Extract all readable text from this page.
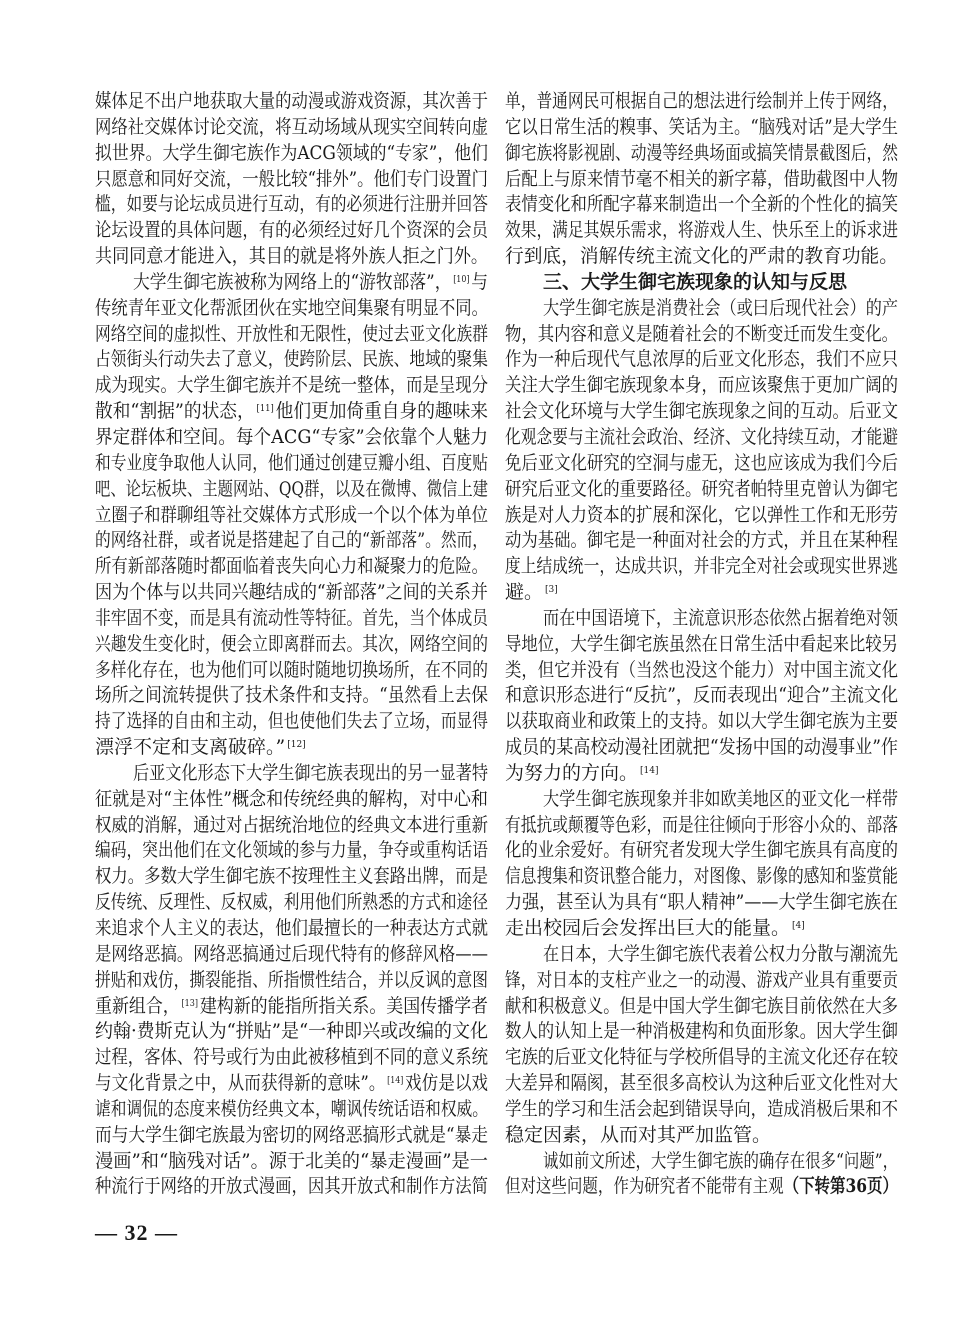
媒体足不出户地获取大量的动漫或游戏资源，其次善于
网络社交媒体讨论交流，将互动场域从现实空间转向虚
拟世界。大学生御宅族作为ACG领域的“专家”，他们
只愿意和同好交流，一般比较“排外”。他们专门设置门
槛，如要与论坛成员进行互动，有的必须进行注册并回答
论坛设置的具体问题，有的必须经过好几个资深的会员
共同同意才能进入，其目的就是将外族人拒之门外。
大学生御宅族被称为网络上的“游牧部落”， [10]与
传统青年亚文化帮派团伙在实地空间集聚有明显不同。
网络空间的虚拟性、开放性和无限性，使过去亚文化族群
占领街头行动失去了意义，使跨阶层、民族、地域的聚集
成为现实。大学生御宅族并不是统一整体，而是呈现分
散和“割据”的状态， [11]他们更加倚重自身的趣味来
界定群体和空间。每个ACG“专家”会依靠个人魅力
和专业度争取他人认同，他们通过创建豆瓣小组、百度贴
吧、论坛板块、主题网站、QQ群，以及在微博、微信上建
立圈子和群聊组等社交媒体方式形成一个以个体为单位
的网络社群，或者说是搭建起了自己的“新部落”。然而，
所有新部落随时都面临着丧失向心力和凝聚力的危险。
因为个体与以共同兴趣结成的“新部落”之间的关系并
非牢固不变，而是具有流动性等特征。首先，当个体成员
兴趣发生变化时，便会立即离群而去。其次，网络空间的
多样化存在，也为他们可以随时随地切换场所，在不同的
场所之间流转提供了技术条件和支持。“虽然看上去保
持了选择的自由和主动，但也使他们失去了立场，而显得
漂浮不定和支离破碎。” [12]
后亚文化形态下大学生御宅族表现出的另一显著特
征就是对“主体性”概念和传统经典的解构，对中心和
权威的消解，通过对占据统治地位的经典文本进行重新
编码，突出他们在文化领域的参与力量，争夺或重构话语
权力。多数大学生御宅族不按理性主义套路出牌，而是
反传统、反理性、反权威，利用他们所熟悉的方式和途径
来追求个人主义的表达，他们最擅长的一种表达方式就
是网络恶搞。网络恶搞通过后现代特有的修辞风格——
拼贴和戏仿，撕裂能指、所指惯性结合，并以反讽的意图
重新组合， [13]建构新的能指所指关系。美国传播学者
约翰·费斯克认为“拼贴”是“一种即兴或改编的文化
过程，客体、符号或行为由此被移植到不同的意义系统
与文化背景之中，从而获得新的意味”。 [14]戏仿是以戏
谑和调侃的态度来模仿经典文本，嘲讽传统话语和权威。
而与大学生御宅族最为密切的网络恶搞形式就是“暴走
漫画”和“脑残对话”。源于北美的“暴走漫画”是一
种流行于网络的开放式漫画，因其开放式和制作方法简
单，普通网民可根据自己的想法进行绘制并上传于网络，
它以日常生活的糗事、笑话为主。“脑残对话”是大学生
御宅族将影视剧、动漫等经典场面或搞笑情景截图后，然
后配上与原来情节毫不相关的新字幕，借助截图中人物
表情变化和所配字幕来制造出一个全新的个性化的搞笑
效果，满足其娱乐需求，将游戏人生、快乐至上的诉求进
行到底，消解传统主流文化的严肃的教育功能。
三、大学生御宅族现象的认知与反思
大学生御宅族是消费社会（或曰后现代社会）的产
物，其内容和意义是随着社会的不断变迁而发生变化。
作为一种后现代气息浓厚的后亚文化形态，我们不应只
关注大学生御宅族现象本身，而应该聚焦于更加广阔的
社会文化环境与大学生御宅族现象之间的互动。后亚文
化观念要与主流社会政治、经济、文化持续互动，才能避
免后亚文化研究的空洞与虚无，这也应该成为我们今后
研究后亚文化的重要路径。研究者帕特里克曾认为御宅
族是对人力资本的扩展和深化，它以弹性工作和无形劳
动为基础。御宅是一种面对社会的方式，并且在某种程
度上结成统一，达成共识，并非完全对社会或现实世界逃
避。 [3]
而在中国语境下，主流意识形态依然占据着绝对领
导地位，大学生御宅族虽然在日常生活中看起来比较另
类，但它并没有（当然也没这个能力）对中国主流文化
和意识形态进行“反抗”，反而表现出“迎合”主流文化
以获取商业和政策上的支持。如以大学生御宅族为主要
成员的某高校动漫社团就把“发扬中国的动漫事业”作
为努力的方向。 [14]
大学生御宅族现象并非如欧美地区的亚文化一样带
有抵抗或颠覆等色彩，而是往往倾向于形容小众的、部落
化的业余爱好。有研究者发现大学生御宅族具有高度的
信息搜集和资讯整合能力，对图像、影像的感知和鉴赏能
力强，甚至认为具有“职人精神”——大学生御宅族在
走出校园后会发挥出巨大的能量。 [4]
在日本，大学生御宅族代表着公权力分散与潮流先
锋，对日本的支柱产业之一的动漫、游戏产业具有重要贡
献和积极意义。但是中国大学生御宅族目前依然在大多
数人的认知上是一种消极建构和负面形象。因大学生御
宅族的后亚文化特征与学校所倡导的主流文化还存在较
大差异和隔阂，甚至很多高校认为这种后亚文化性对大
学生的学习和生活会起到错误导向，造成消极后果和不
稳定因素，从而对其严加监管。
诚如前文所述，大学生御宅族的确存在很多“问题”，
但对这些问题，作为研究者不能带有主观（下转第36页）
— 32 —
